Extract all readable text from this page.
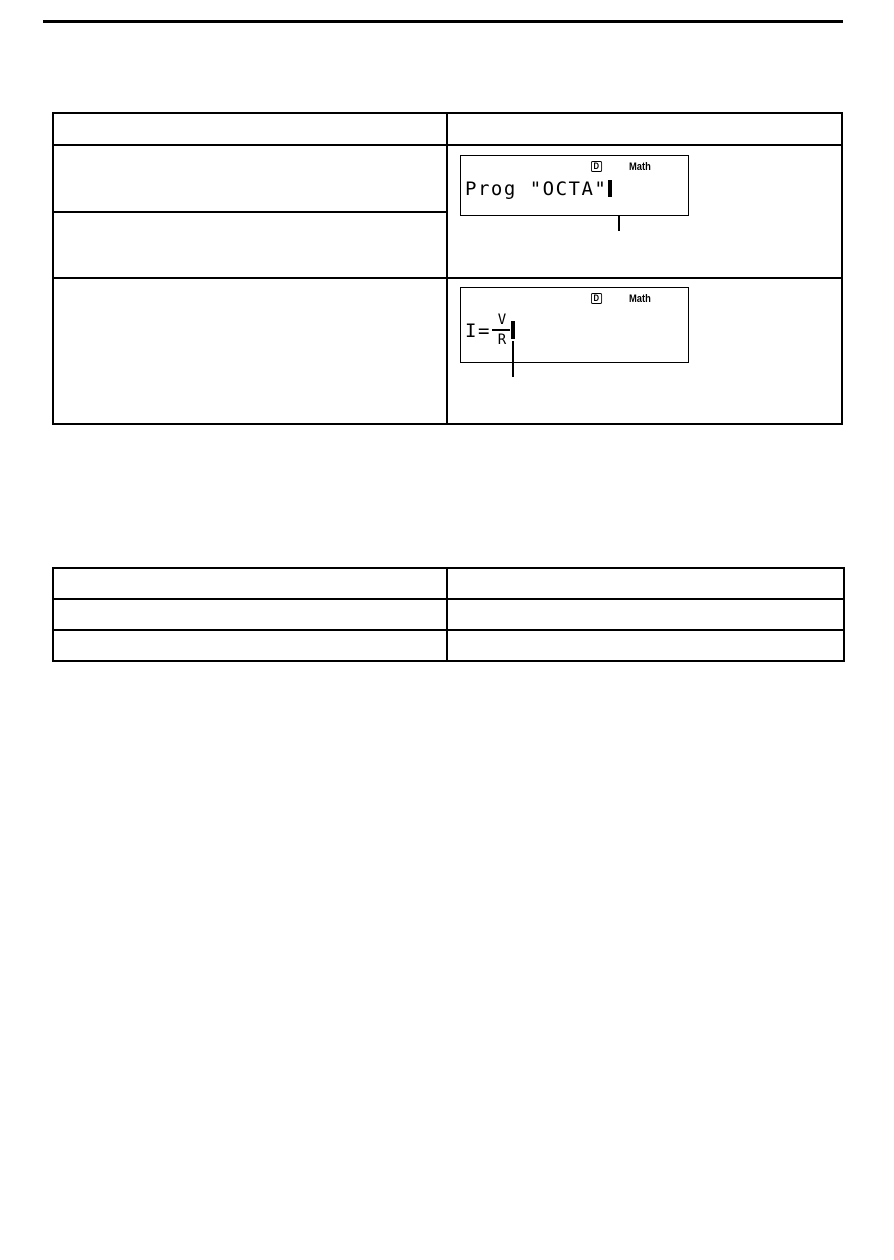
	D Math
Prog "OCTA"

	D Math
I= V
R
